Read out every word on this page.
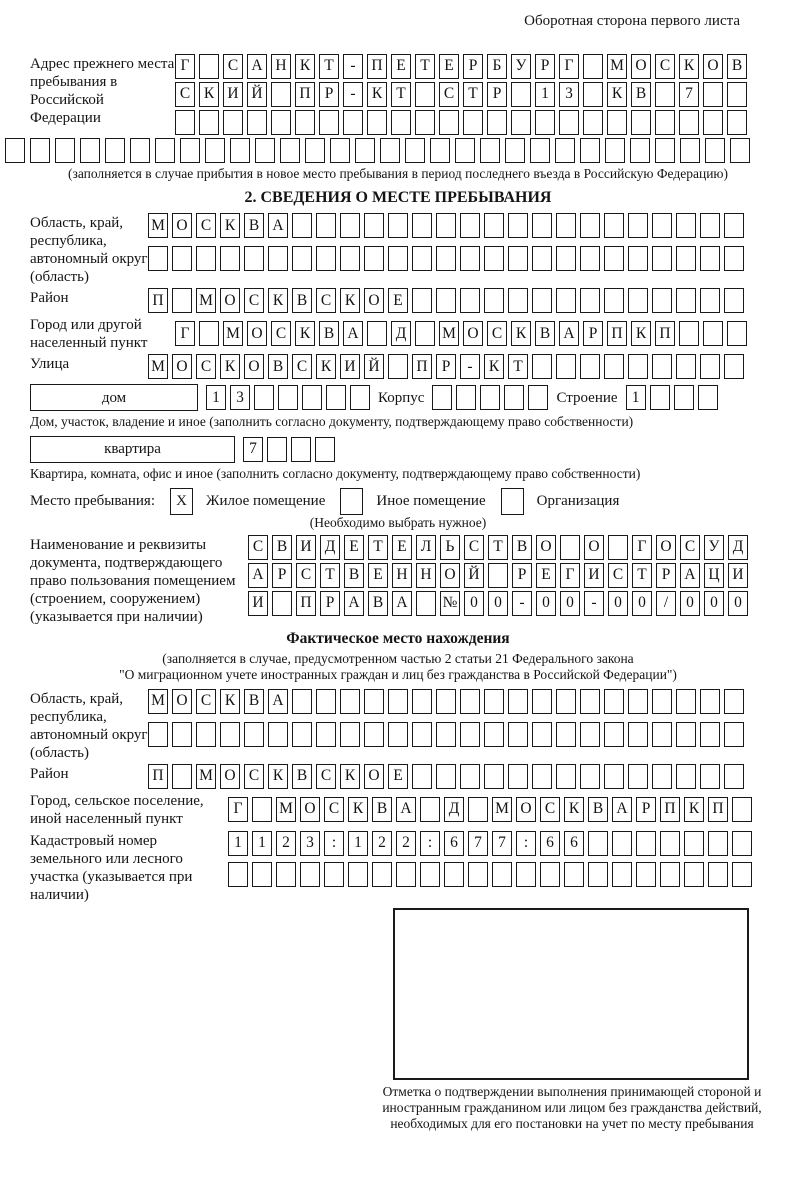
Оборотная сторона первого листа
Адрес прежнего места пребывания в Российской Федерации
Г	С А Н К Т	-	П Е Т Е Р Б У Р Г	М О С К О В
С К И Й П Р	-	К Т	С Т Р	1	3	К В	7
(заполняется в случае прибытия в новое место пребывания в период последнего въезда в Российскую Федерацию)
2. СВЕДЕНИЯ О МЕСТЕ ПРЕБЫВАНИЯ
Область, край, республика, автономный округ (область)
М О С К В А
Район	П М О С К В С К О Е
Город или другой населенный пункт
Г	М О С К В А	Д	М О С К В А Р П К П
Улица	М О С К О В С К И Й П Р	-	К Т
дом	1	3	Корпус	Строение 1
Дом, участок, владение и иное (заполнить согласно документу, подтверждающему право собственности)
квартира	7
Квартира, комната, офис и иное (заполнить согласно документу, подтверждающему право собственности)
Место пребывания:	X	Жилое помещение	Иное помещение	Организация
(Необходимо выбрать нужное)
Наименование и реквизиты документа, подтверждающего право пользования помещением (строением, сооружением) (указывается при наличии)
С В И Д Е Т Е Л Ь С Т В О О	Г О С У Д
А Р С Т В Е Н Н О Й	Р Е Г И С Т Р А Ц И
И П Р А В А № 0	0	-	0	0	-	0	0	/	0	0	0
Фактическое место нахождения
(заполняется в случае, предусмотренном частью 2 статьи 21 Федерального закона
"О миграционном учете иностранных граждан и лиц без гражданства в Российской Федерации")
Область, край, республика, автономный округ (область)
М О С К В А
Район	П М О С К В С К О Е
Город, сельское поселение, иной населенный пункт
Г	М О С К В А	Д	М О С К В А Р П К П
Кадастровый номер земельного или лесного участка (указывается при наличии)
1	1	2	3	:	1	2	2	:	6	7	7	:	6	6
Отметка о подтверждении выполнения принимающей стороной и иностранным гражданином или лицом без гражданства действий, необходимых для его постановки на учет по месту пребывания
